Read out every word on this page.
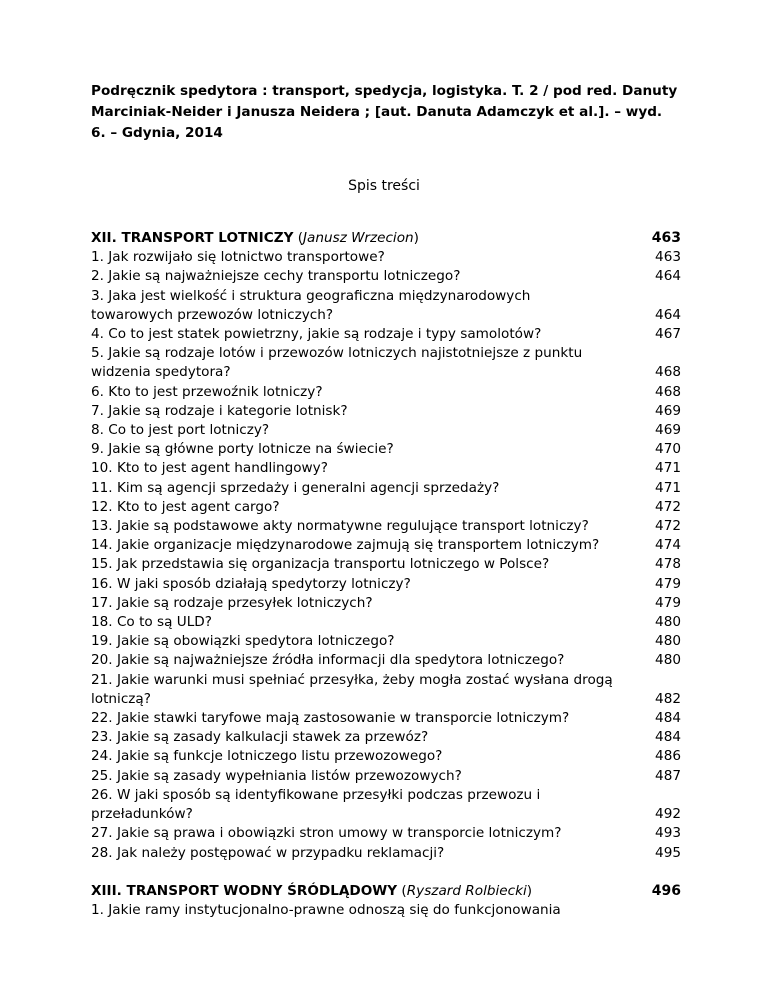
Podręcznik spedytora : transport, spedycja, logistyka. T. 2 / pod red. Danuty Marciniak-Neider i Janusza Neidera ; [aut. Danuta Adamczyk et al.]. – wyd. 6. – Gdynia, 2014
Spis treści
XII. TRANSPORT LOTNICZY (Janusz Wrzecion)	463
1. Jak rozwijało się lotnictwo transportowe?	463
2. Jakie są najważniejsze cechy transportu lotniczego?	464
3. Jaka jest wielkość i struktura geograficzna międzynarodowych towarowych przewozów lotniczych?	464
4. Co to jest statek powietrzny, jakie są rodzaje i typy samolotów?	467
5. Jakie są rodzaje lotów i przewozów lotniczych najistotniejsze z punktu widzenia spedytora?	468
6. Kto to jest przewoźnik lotniczy?	468
7. Jakie są rodzaje i kategorie lotnisk?	469
8. Co to jest port lotniczy?	469
9. Jakie są główne porty lotnicze na świecie?	470
10. Kto to jest agent handlingowy?	471
11. Kim są agencji sprzedaży i generalni agencji sprzedaży?	471
12. Kto to jest agent cargo?	472
13. Jakie są podstawowe akty normatywne regulujące transport lotniczy?	472
14. Jakie organizacje międzynarodowe zajmują się transportem lotniczym?	474
15. Jak przedstawia się organizacja transportu lotniczego w Polsce?	478
16. W jaki sposób działają spedytorzy lotniczy?	479
17. Jakie są rodzaje przesyłek lotniczych?	479
18. Co to są ULD?	480
19. Jakie są obowiązki spedytora lotniczego?	480
20. Jakie są najważniejsze źródła informacji dla spedytora lotniczego?	480
21. Jakie warunki musi spełniać przesyłka, żeby mogła zostać wysłana drogą lotniczą?	482
22. Jakie stawki taryfowe mają zastosowanie w transporcie lotniczym?	484
23. Jakie są zasady kalkulacji stawek za przewóz?	484
24. Jakie są funkcje lotniczego listu przewozowego?	486
25. Jakie są zasady wypełniania listów przewozowych?	487
26. W jaki sposób są identyfikowane przesyłki podczas przewozu i przeładunków?	492
27. Jakie są prawa i obowiązki stron umowy w transporcie lotniczym?	493
28. Jak należy postępować w przypadku reklamacji?	495
XIII. TRANSPORT WODNY ŚRÓDLĄDOWY (Ryszard Rolbiecki)	496
1. Jakie ramy instytucjonalno-prawne odnoszą się do funkcjonowania
